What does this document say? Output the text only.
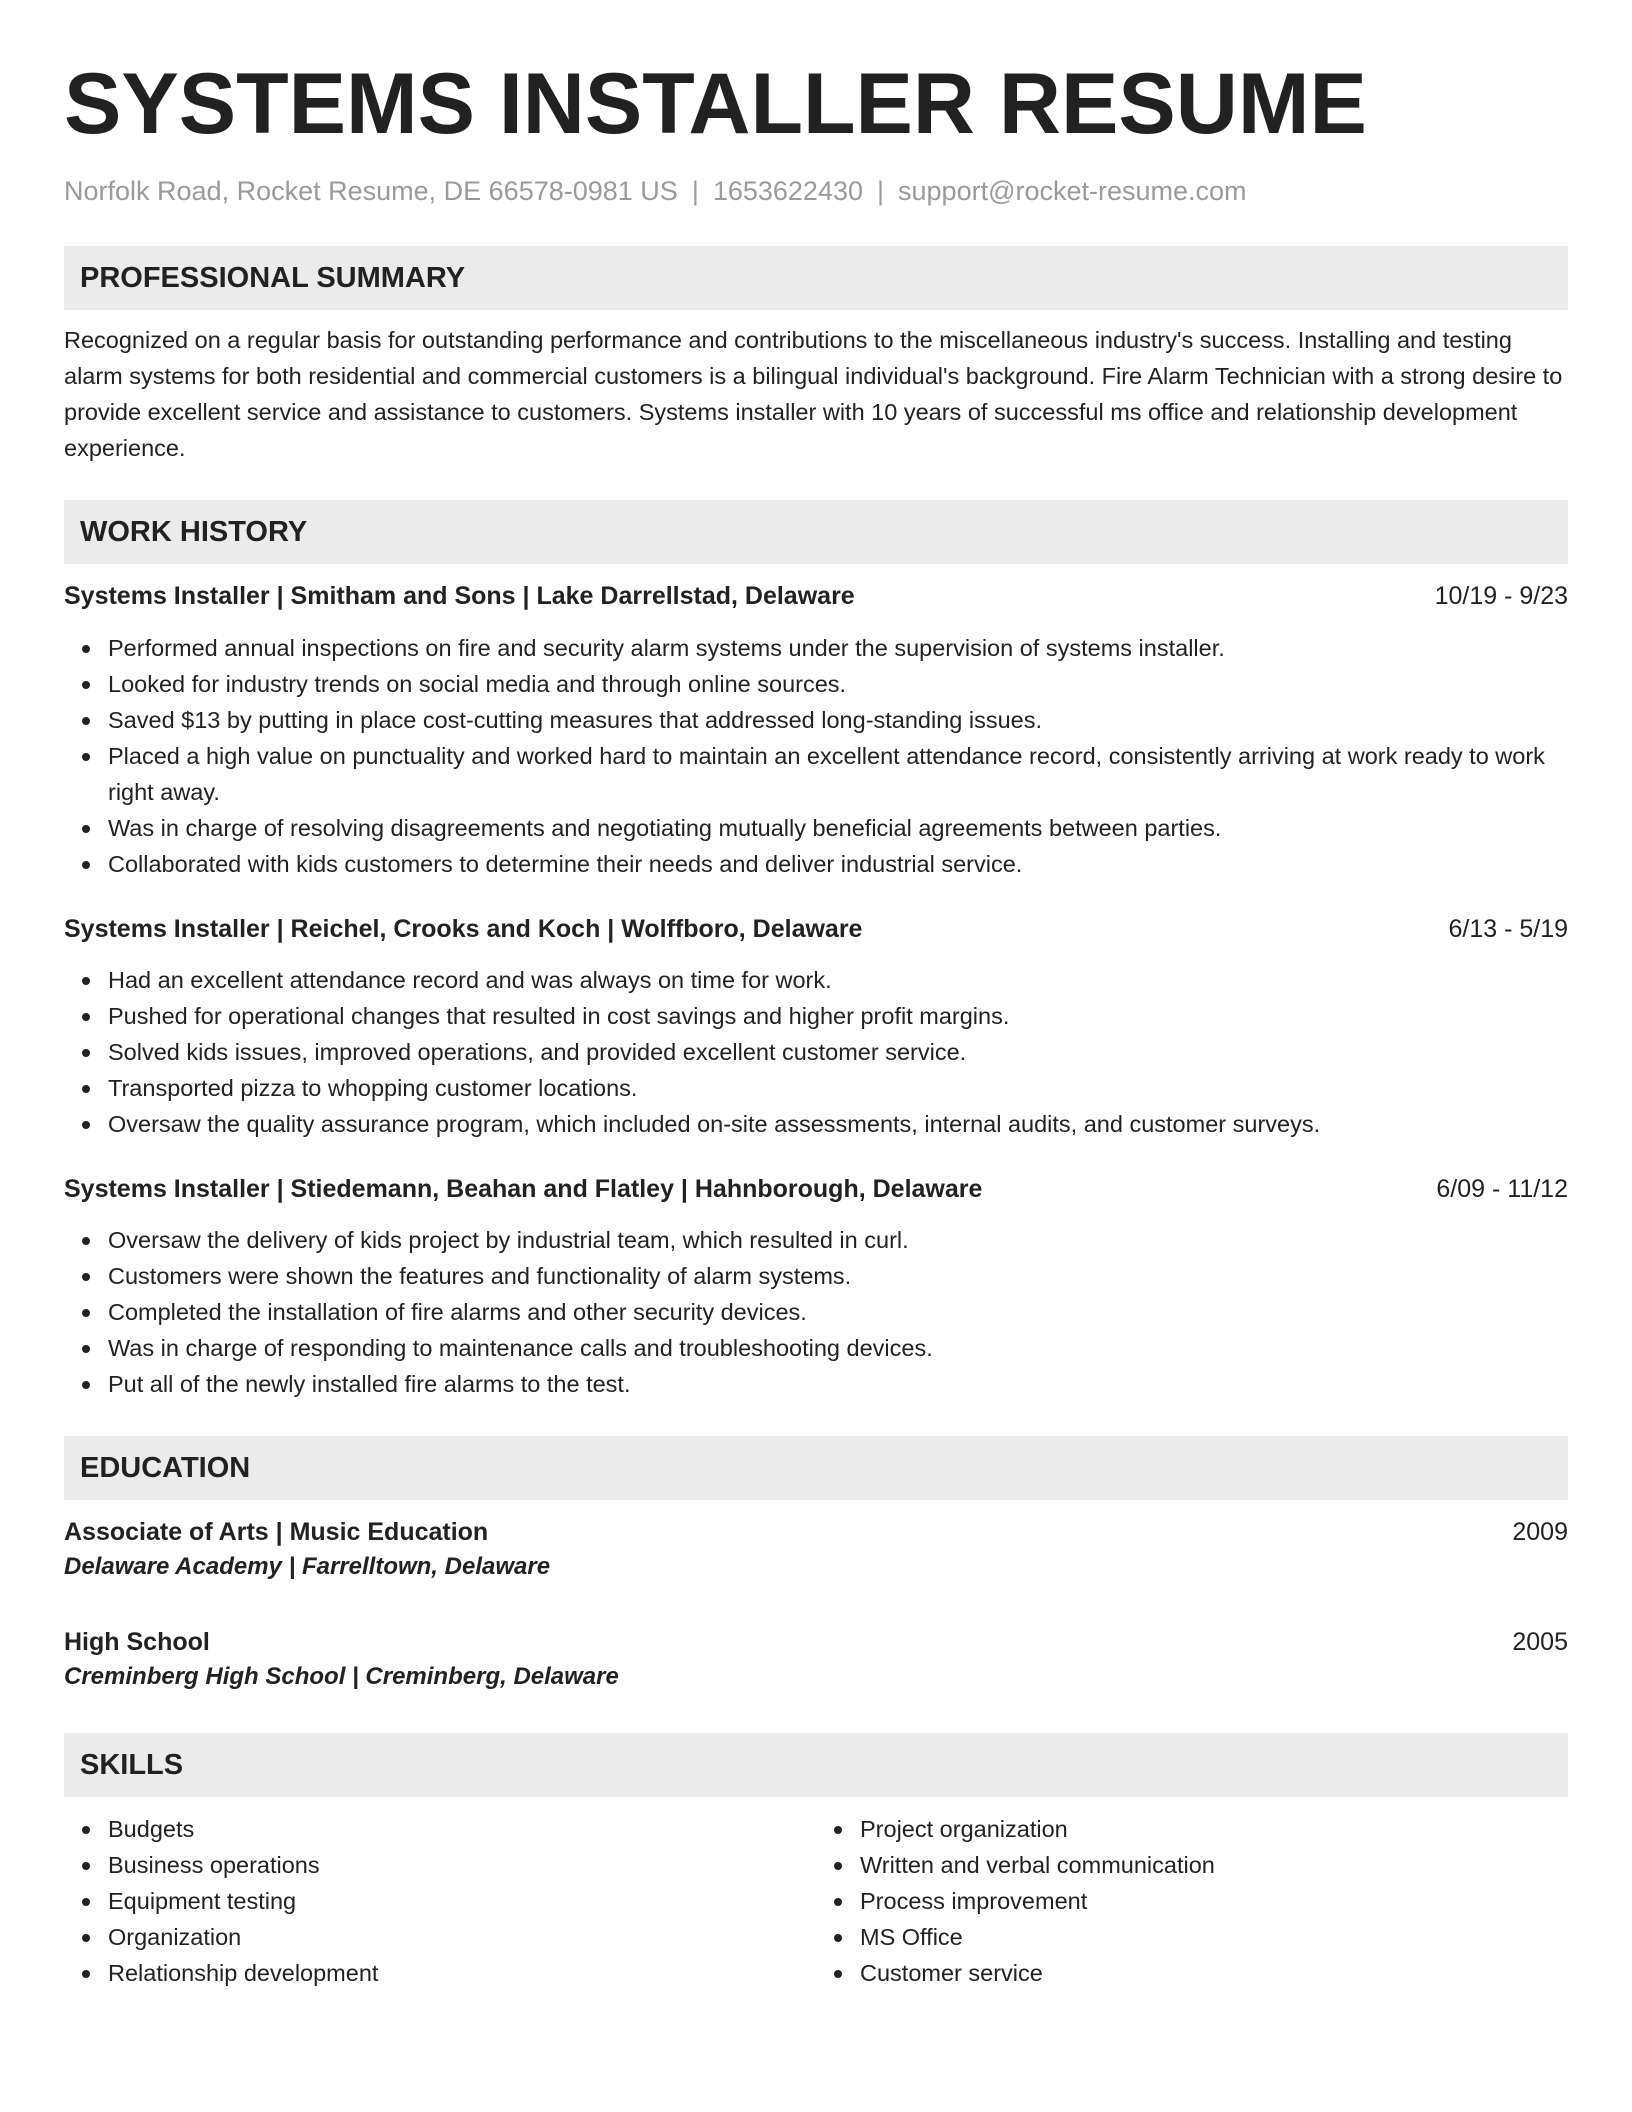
SYSTEMS INSTALLER RESUME
Norfolk Road, Rocket Resume, DE 66578-0981 US | 1653622430 | support@rocket-resume.com
PROFESSIONAL SUMMARY

Recognized on a regular basis for outstanding performance and contributions to the miscellaneous industry's success. Installing and testing alarm systems for both residential and commercial customers is a bilingual individual's background. Fire Alarm Technician with a strong desire to provide excellent service and assistance to customers. Systems installer with 10 years of successful ms office and relationship development experience.

WORK HISTORY
Systems Installer | Smitham and Sons | Lake Darrellstad, Delaware	10/19 - 9/23
Performed annual inspections on fire and security alarm systems under the supervision of systems installer.
Looked for industry trends on social media and through online sources.
Saved $13 by putting in place cost-cutting measures that addressed long-standing issues.
Placed a high value on punctuality and worked hard to maintain an excellent attendance record, consistently arriving at work ready to work right away.
Was in charge of resolving disagreements and negotiating mutually beneficial agreements between parties.
Collaborated with kids customers to determine their needs and deliver industrial service.
Systems Installer | Reichel, Crooks and Koch | Wolffboro, Delaware	6/13 - 5/19
Had an excellent attendance record and was always on time for work.
Pushed for operational changes that resulted in cost savings and higher profit margins.
Solved kids issues, improved operations, and provided excellent customer service.
Transported pizza to whopping customer locations.
Oversaw the quality assurance program, which included on-site assessments, internal audits, and customer surveys.
Systems Installer | Stiedemann, Beahan and Flatley | Hahnborough, Delaware	6/09 - 11/12
Oversaw the delivery of kids project by industrial team, which resulted in curl.
Customers were shown the features and functionality of alarm systems.
Completed the installation of fire alarms and other security devices.
Was in charge of responding to maintenance calls and troubleshooting devices.
Put all of the newly installed fire alarms to the test.
EDUCATION
Associate of Arts | Music Education	2009
Delaware Academy | Farrelltown, Delaware
High School	2005
Creminberg High School | Creminberg, Delaware
SKILLS
Budgets
Business operations
Equipment testing
Organization
Relationship development
Project organization
Written and verbal communication
Process improvement
MS Office
Customer service
